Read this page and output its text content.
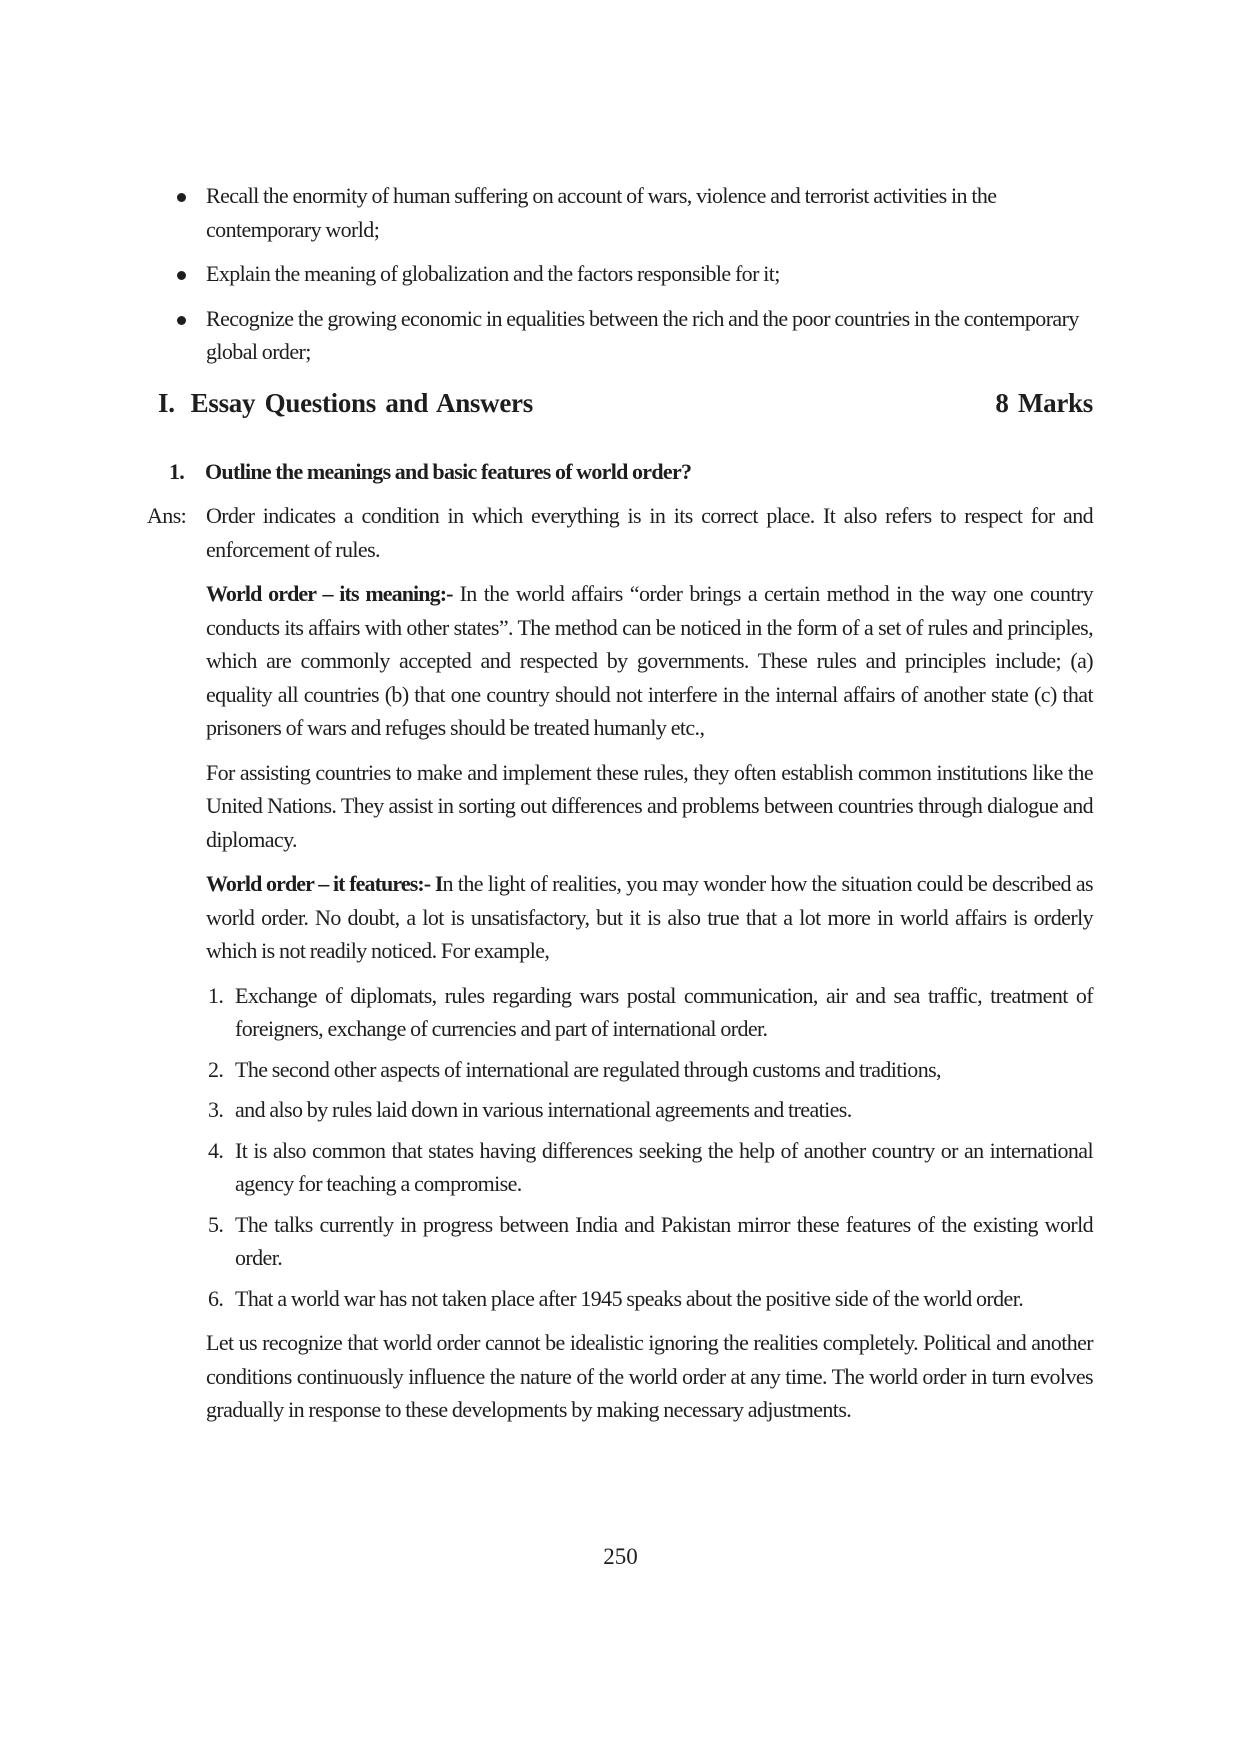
Recall the enormity of human suffering on account of wars, violence and terrorist activities in the contemporary world;
Explain the meaning of globalization and the factors responsible for it;
Recognize the growing economic in equalities between the rich and the poor countries in the contemporary global order;
I. Essay Questions and Answers	8 Marks
1. Outline the meanings and basic features of world order?
Ans: Order indicates a condition in which everything is in its correct place. It also refers to respect for and enforcement of rules.

World order – its meaning:- In the world affairs “order brings a certain method in the way one country conducts its affairs with other states”. The method can be noticed in the form of a set of rules and principles, which are commonly accepted and respected by governments. These rules and principles include; (a) equality all countries (b) that one country should not interfere in the internal affairs of another state (c) that prisoners of wars and refuges should be treated humanly etc.,

For assisting countries to make and implement these rules, they often establish common institutions like the United Nations. They assist in sorting out differences and problems between countries through dialogue and diplomacy.

World order – it features:- In the light of realities, you may wonder how the situation could be described as world order. No doubt, a lot is unsatisfactory, but it is also true that a lot more in world affairs is orderly which is not readily noticed. For example,

1. Exchange of diplomats, rules regarding wars postal communication, air and sea traffic, treatment of foreigners, exchange of currencies and part of international order.
2. The second other aspects of international are regulated through customs and traditions,
3. and also by rules laid down in various international agreements and treaties.
4. It is also common that states having differences seeking the help of another country or an international agency for teaching a compromise.
5. The talks currently in progress between India and Pakistan mirror these features of the existing world order.
6. That a world war has not taken place after 1945 speaks about the positive side of the world order.

Let us recognize that world order cannot be idealistic ignoring the realities completely. Political and another conditions continuously influence the nature of the world order at any time. The world order in turn evolves gradually in response to these developments by making necessary adjustments.

250
